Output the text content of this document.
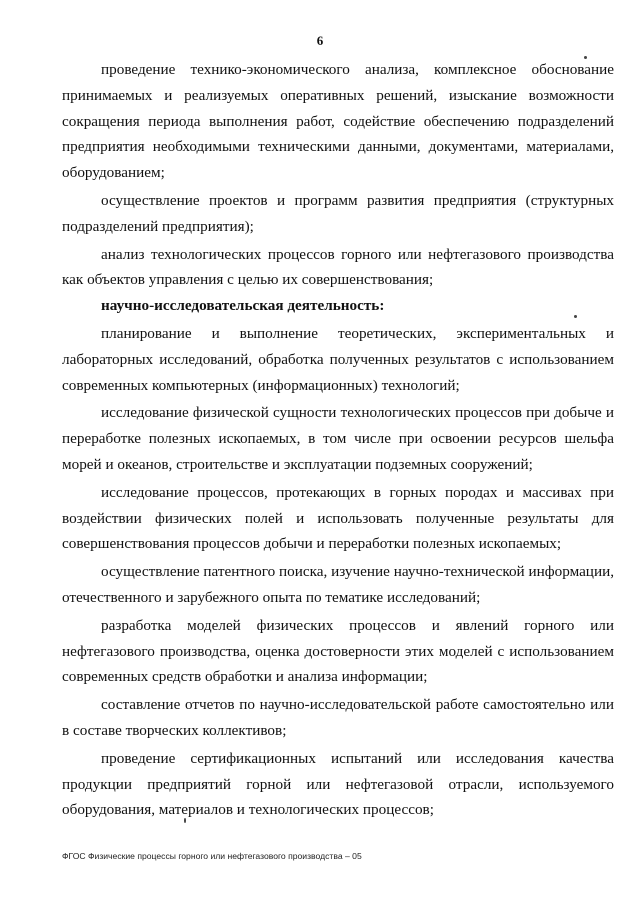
6

проведение технико-экономического анализа, комплексное обоснование принимаемых и реализуемых оперативных решений, изыскание возможности сокращения периода выполнения работ, содействие обеспечению подразделений предприятия необходимыми техническими данными, документами, материалами, оборудованием;

осуществление проектов и программ развития предприятия (структурных подразделений предприятия);

анализ технологических процессов горного или нефтегазового производства как объектов управления с целью их совершенствования;

научно-исследовательская деятельность:

планирование и выполнение теоретических, экспериментальных и лабораторных исследований, обработка полученных результатов с использованием современных компьютерных (информационных) технологий;

исследование физической сущности технологических процессов при добыче и переработке полезных ископаемых, в том числе при освоении ресурсов шельфа морей и океанов, строительстве и эксплуатации подземных сооружений;

исследование процессов, протекающих в горных породах и массивах при воздействии физических полей и использовать полученные результаты для совершенствования процессов добычи и переработки полезных ископаемых;

осуществление патентного поиска, изучение научно-технической информации, отечественного и зарубежного опыта по тематике исследований;

разработка моделей физических процессов и явлений горного или нефтегазового производства, оценка достоверности этих моделей с использованием современных средств обработки и анализа информации;

составление отчетов по научно-исследовательской работе самостоятельно или в составе творческих коллективов;

проведение сертификационных испытаний или исследования качества продукции предприятий горной или нефтегазовой отрасли, используемого оборудования, материалов и технологических процессов;

ФГОС Физические процессы горного или нефтегазового производства – 05
